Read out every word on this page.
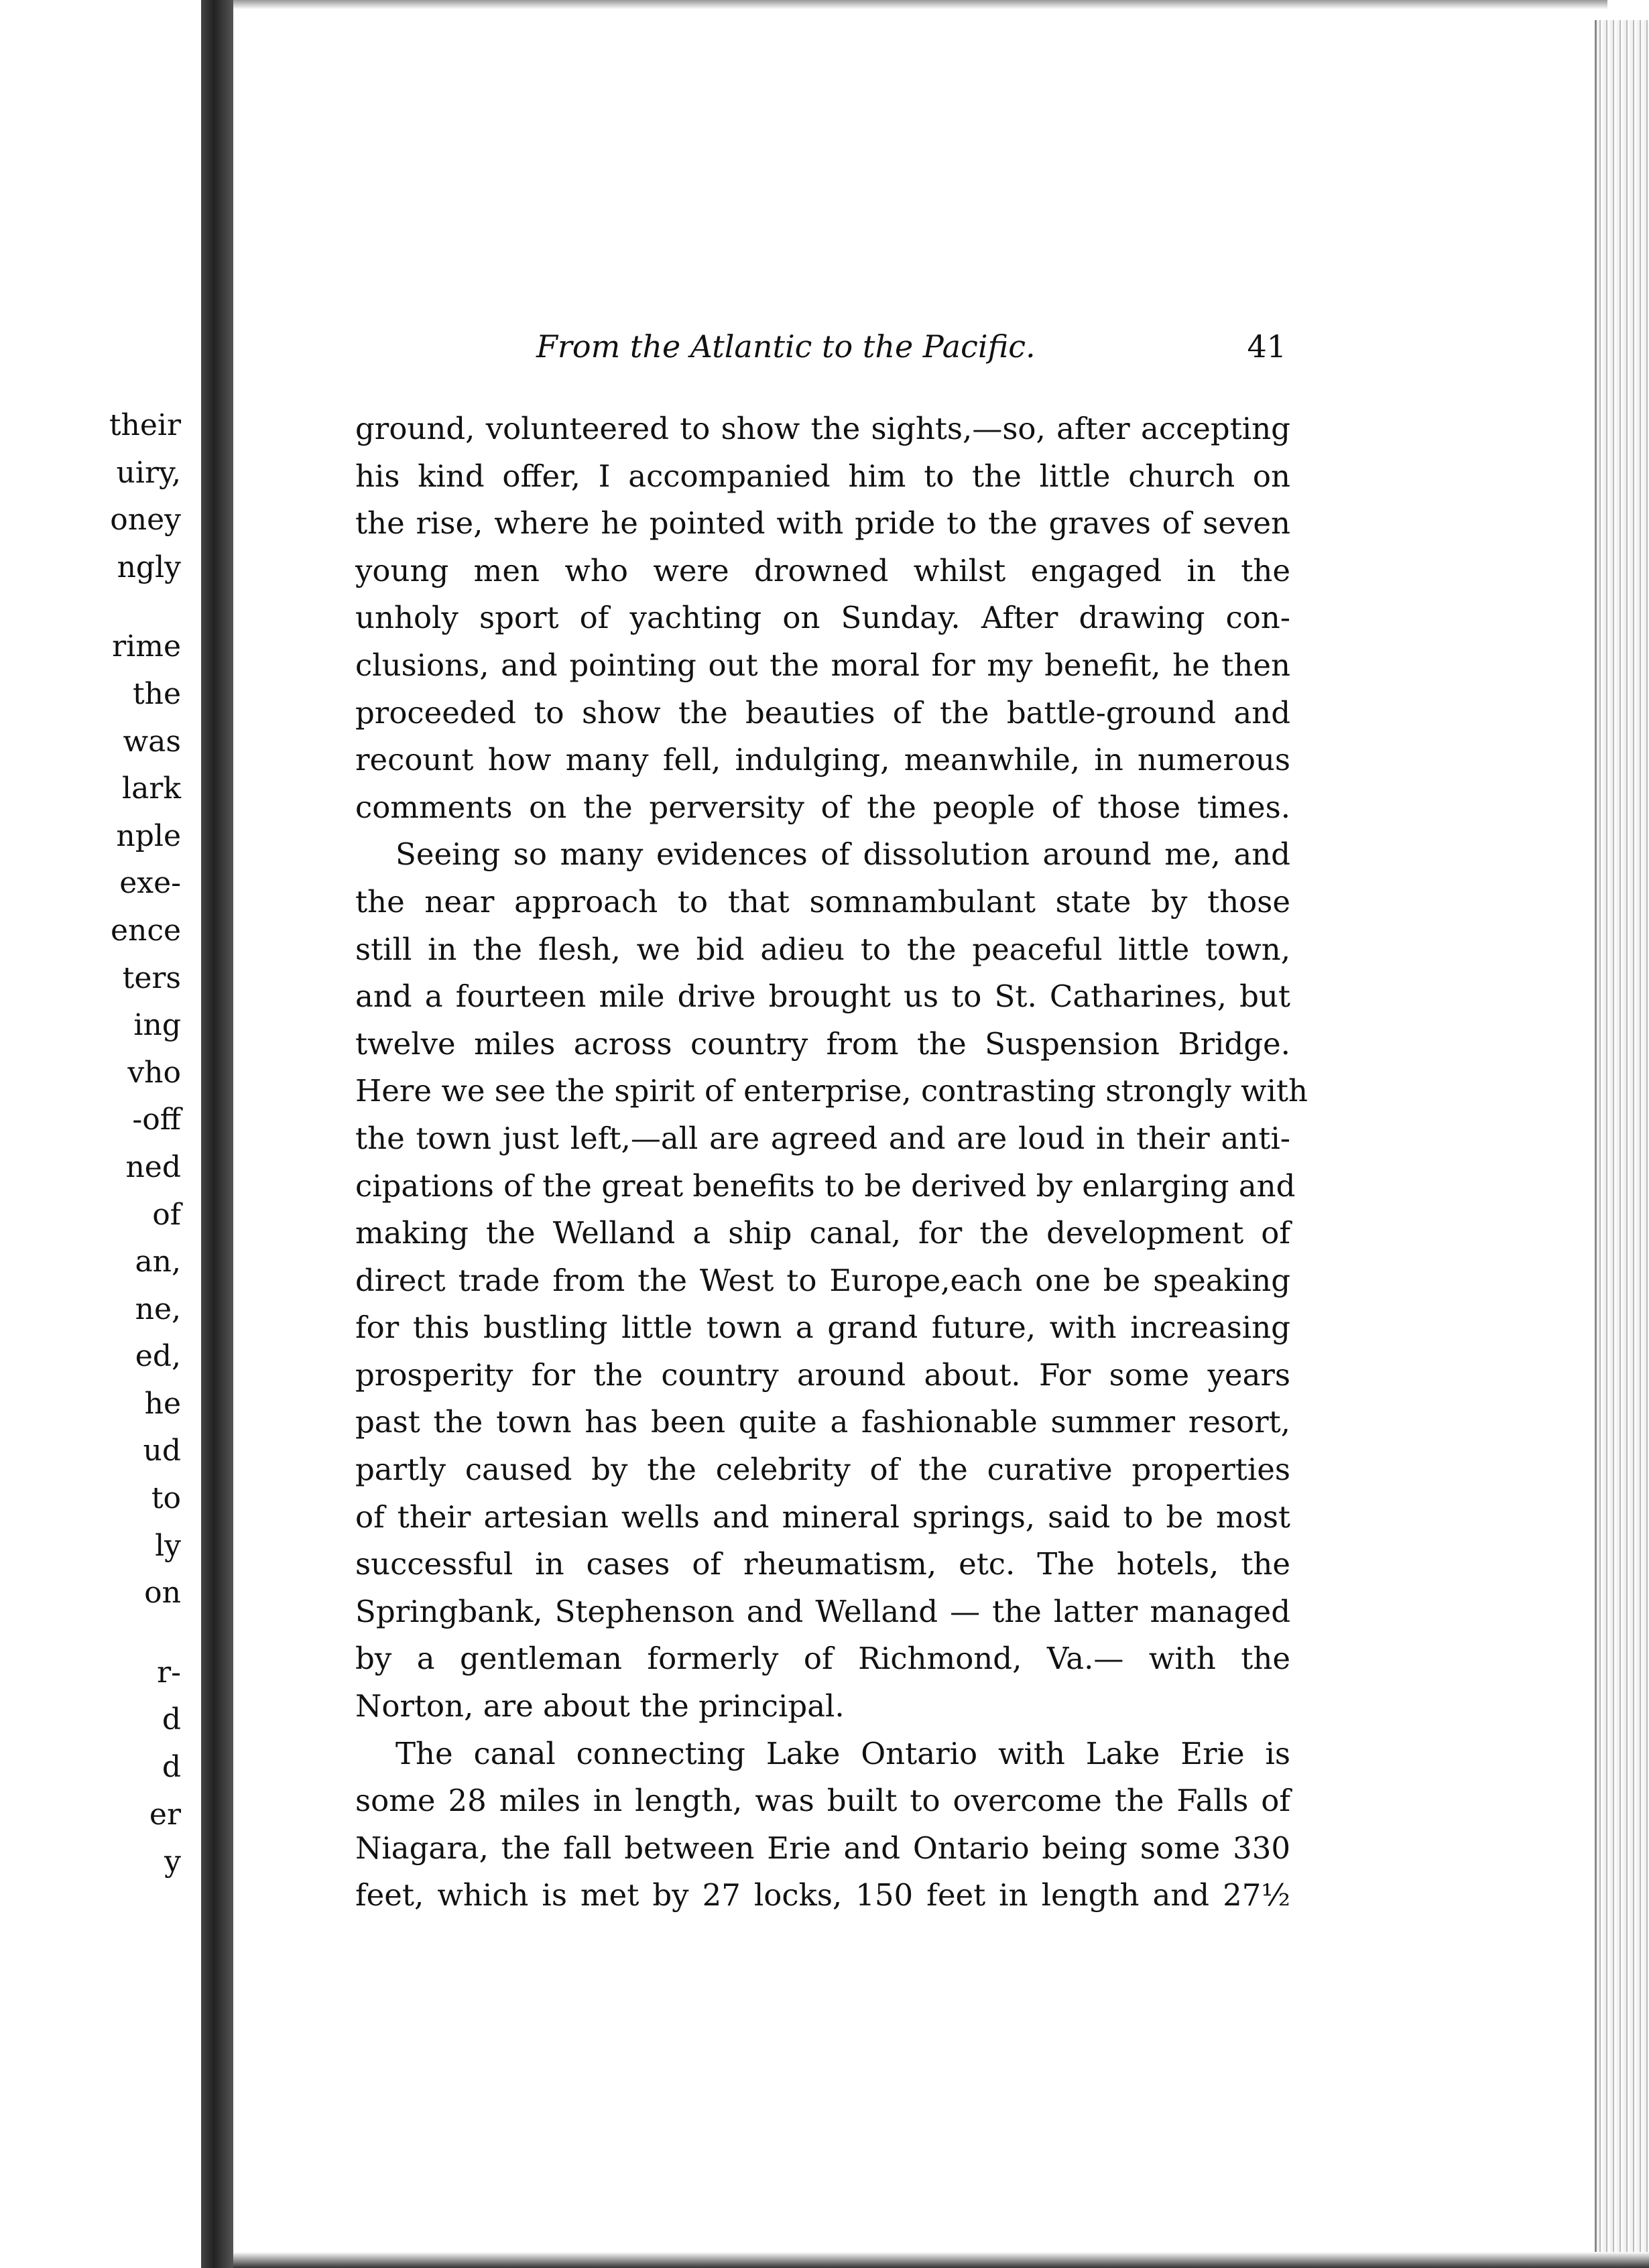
their
uiry,
oney
ngly
rime
the
was
lark
nple
exe-
ence
ters
ing
vho
-off
ned
of
an,
ne,
ed,
he
ud
to
ly
on
r-
d
d
er
y
From the Atlantic to the Pacific.	41
ground, volunteered to show the sights,—so, after accepting
his kind offer, I accompanied him to the little church on
the rise, where he pointed with pride to the graves of seven
young men who were drowned whilst engaged in the
unholy sport of yachting on Sunday. After drawing con-
clusions, and pointing out the moral for my benefit, he then
proceeded to show the beauties of the battle-ground and
recount how many fell, indulging, meanwhile, in numerous
comments on the perversity of the people of those times.
Seeing so many evidences of dissolution around me, and
the near approach to that somnambulant state by those
still in the flesh, we bid adieu to the peaceful little town,
and a fourteen mile drive brought us to St. Catharines, but
twelve miles across country from the Suspension Bridge.
Here we see the spirit of enterprise, contrasting strongly with
the town just left,—all are agreed and are loud in their anti-
cipations of the great benefits to be derived by enlarging and
making the Welland a ship canal, for the development of
direct trade from the West to Europe,each one be speaking
for this bustling little town a grand future, with increasing
prosperity for the country around about. For some years
past the town has been quite a fashionable summer resort,
partly caused by the celebrity of the curative properties
of their artesian wells and mineral springs, said to be most
successful in cases of rheumatism, etc. The hotels, the
Springbank, Stephenson and Welland — the latter managed
by a gentleman formerly of Richmond, Va.— with the
Norton, are about the principal.
The canal connecting Lake Ontario with Lake Erie is
some 28 miles in length, was built to overcome the Falls of
Niagara, the fall between Erie and Ontario being some 330
feet, which is met by 27 locks, 150 feet in length and 27½
